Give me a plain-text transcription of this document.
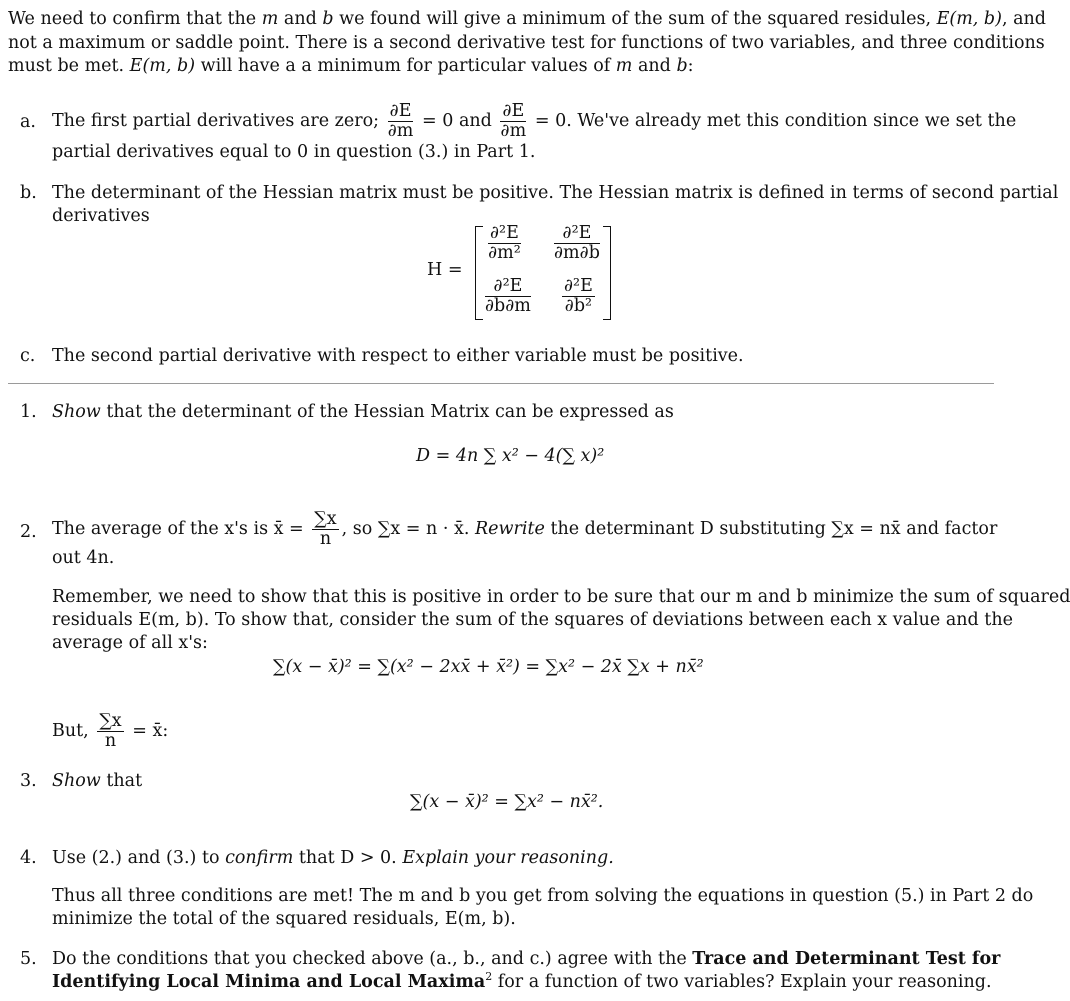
We need to confirm that the m and b we found will give a minimum of the sum of the squared residules, E(m, b), and
not a maximum or saddle point. There is a second derivative test for functions of two variables, and three conditions
must be met. E(m, b) will have a a minimum for particular values of m and b:
a. The first partial derivatives are zero; $\frac{\partial E}{\partial m} = 0$ and $\frac{\partial E}{\partial m} = 0$. We've already met this condition since we set the
partial derivatives equal to 0 in question (3.) in Part 1.
b. The determinant of the Hessian matrix must be positive. The Hessian matrix is defined in terms of second partial
derivatives
H =
$\frac{\text{∂²E}}{\text{∂m²}} \frac{\text{∂²E}}{\partial m\partial b}$
$\frac{\text{∂²E}}{\partial b\partial m} \frac{\text{∂²E}}{\text{∂b²}}$
c. The second partial derivative with respect to either variable must be positive.
1. Show that the determinant of the Hessian Matrix can be expressed as
D = 4n ∑ x² − 4(∑ x)²
2. The average of the x's is x̄ = $\frac{\sum x}{n}$ , so ∑x = n · x̄. Rewrite the determinant D substituting ∑x = nx̄ and factor
out 4n.
Remember, we need to show that this is positive in order to be sure that our m and b minimize the sum of squared
residuals E(m, b). To show that, consider the sum of the squares of deviations between each x value and the
average of all x's:
∑(x − x̄)² = ∑(x² − 2xx̄ + x̄²) = ∑x² − 2x̄ ∑x + nx̄²
But, $\frac{\sum x}{n}$ = x̄:
3. Show that
∑(x − x̄)² = ∑x² − nx̄².
4. Use (2.) and (3.) to confirm that D > 0. Explain your reasoning.
Thus all three conditions are met! The m and b you get from solving the equations in question (5.) in Part 2 do
minimize the total of the squared residuals, E(m, b).
5. Do the conditions that you checked above (a., b., and c.) agree with the Trace and Determinant Test for
Identifying Local Minima and Local Maxima$^2$ for a function of two variables? Explain your reasoning.
